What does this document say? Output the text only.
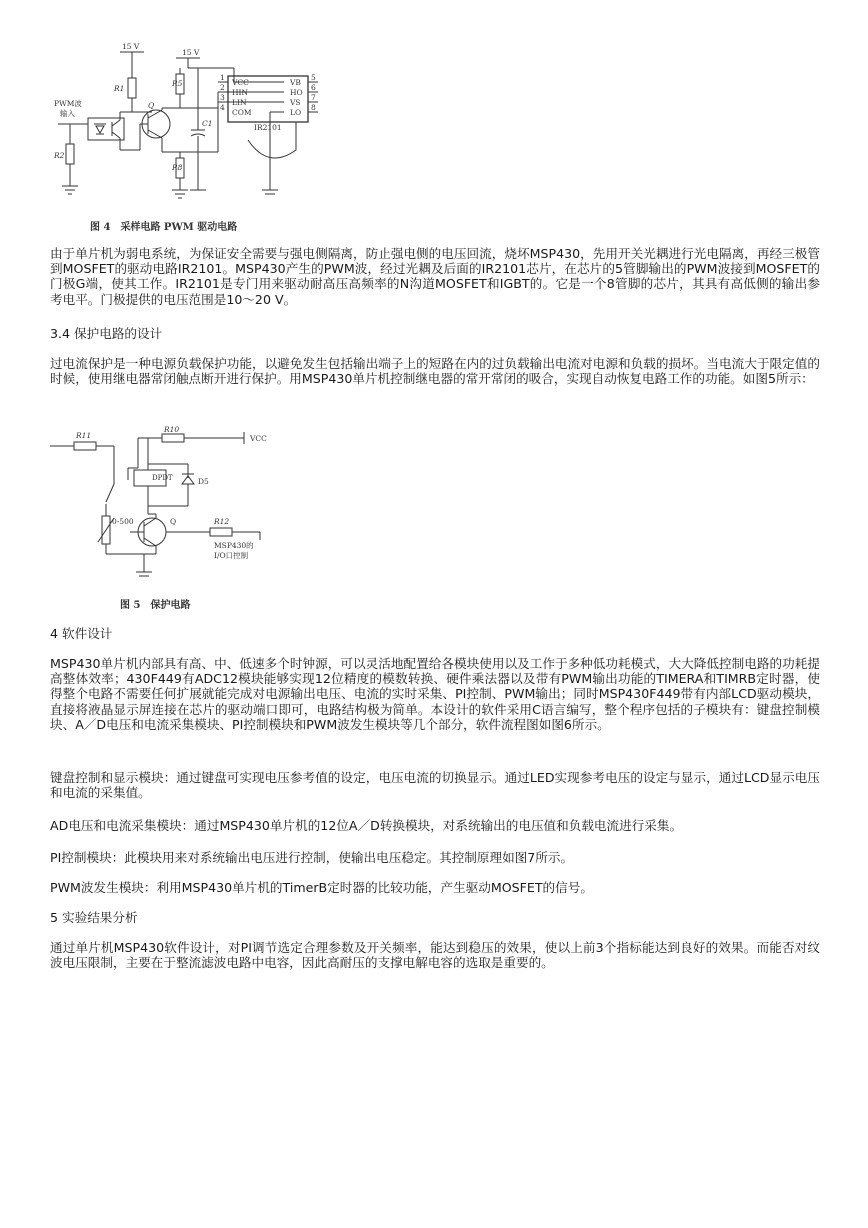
15 V
15 V
R1
R5
R8
R2
Q
C1
PWM波
输入
IR2101
VCC
HIN
LIN
COM
VB
HO
VS
LO
1
2
3
4
5
6
7
8
图 4　采样电路 PWM 驱动电路

由于单片机为弱电系统，为保证安全需要与强电侧隔离，防止强电侧的电压回流，烧坏MSP430，先用开关光耦进行光电隔离，再经三极管到MOSFET的驱动电路IR2101。MSP430产生的PWM波，经过光耦及后面的IR2101芯片，在芯片的5管脚输出的PWM波接到MOSFET的门极G端，使其工作。IR2101是专门用来驱动耐高压高频率的N沟道MOSFET和IGBT的。它是一个8管脚的芯片，其具有高低侧的输出参考电平。门极提供的电压范围是10～20 V。

3.4 保护电路的设计

过电流保护是一种电源负载保护功能，以避免发生包括输出端子上的短路在内的过负载输出电流对电源和负载的损坏。当电流大于限定值的时候，使用继电器常闭触点断开进行保护。用MSP430单片机控制继电器的常开常闭的吸合，实现自动恢复电路工作的功能。如图5所示：

R11
R10
VCC
DPDT	D5
0-500	Q	R12
MSP430的
I/O口控制
图 5　保护电路

4 软件设计

MSP430单片机内部具有高、中、低速多个时钟源，可以灵活地配置给各模块使用以及工作于多种低功耗模式，大大降低控制电路的功耗提高整体效率；430F449有ADC12模块能够实现12位精度的模数转换、硬件乘法器以及带有PWM输出功能的TIMERA和TIMRB定时器，使得整个电路不需要任何扩展就能完成对电源输出电压、电流的实时采集、PI控制、PWM输出；同时MSP430F449带有内部LCD驱动模块，直接将液晶显示屏连接在芯片的驱动端口即可，电路结构极为简单。本设计的软件采用C语言编写，整个程序包括的子模块有：键盘控制模块、A／D电压和电流采集模块、PI控制模块和PWM波发生模块等几个部分，软件流程图如图6所示。

键盘控制和显示模块：通过键盘可实现电压参考值的设定，电压电流的切换显示。通过LED实现参考电压的设定与显示，通过LCD显示电压和电流的采集值。

AD电压和电流采集模块：通过MSP430单片机的12位A／D转换模块，对系统输出的电压值和负载电流进行采集。

PI控制模块：此模块用来对系统输出电压进行控制，使输出电压稳定。其控制原理如图7所示。

PWM波发生模块：利用MSP430单片机的TimerB定时器的比较功能，产生驱动MOSFET的信号。

5 实验结果分析

通过单片机MSP430软件设计，对PI调节选定合理参数及开关频率，能达到稳压的效果，使以上前3个指标能达到良好的效果。而能否对纹波电压限制，主要在于整流滤波电路中电容，因此高耐压的支撑电解电容的选取是重要的。
